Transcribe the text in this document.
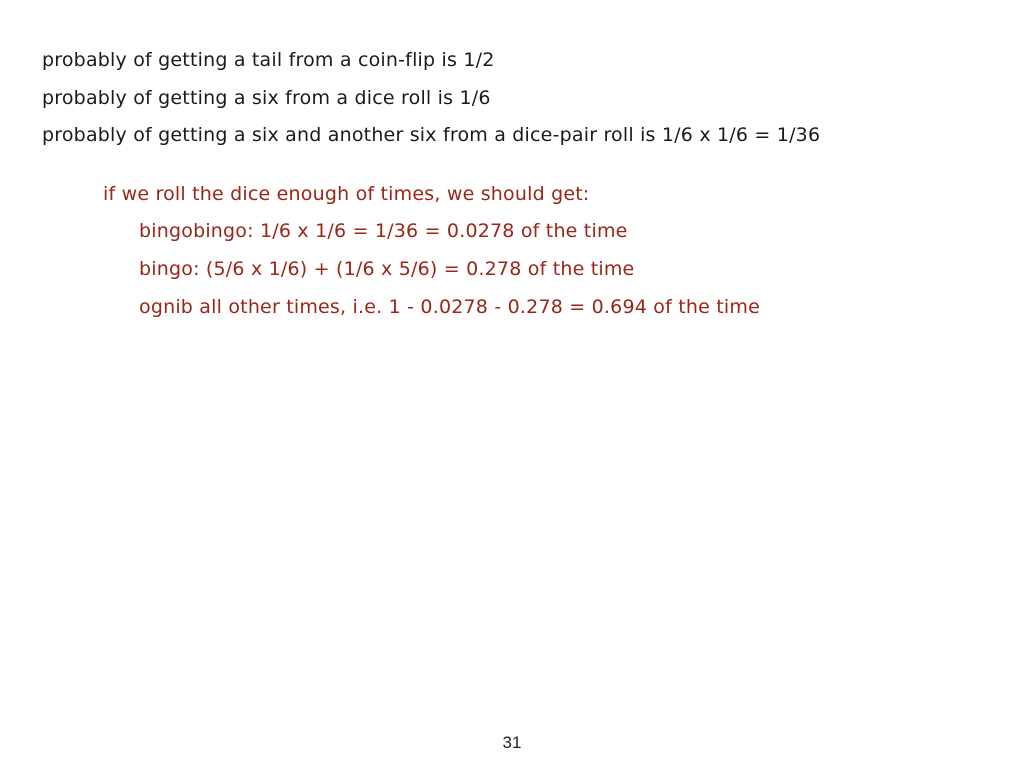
probably of getting a tail from a coin-flip is 1/2
probably of getting a six from a dice roll is 1/6
probably of getting a six and another six from a dice-pair roll is 1/6 x 1/6 = 1/36
if we roll the dice enough of times, we should get:
bingobingo: 1/6 x 1/6 = 1/36 = 0.0278 of the time
bingo: (5/6 x 1/6) + (1/6 x 5/6) = 0.278 of the time
ognib all other times, i.e. 1 - 0.0278 - 0.278 = 0.694 of the time
31
